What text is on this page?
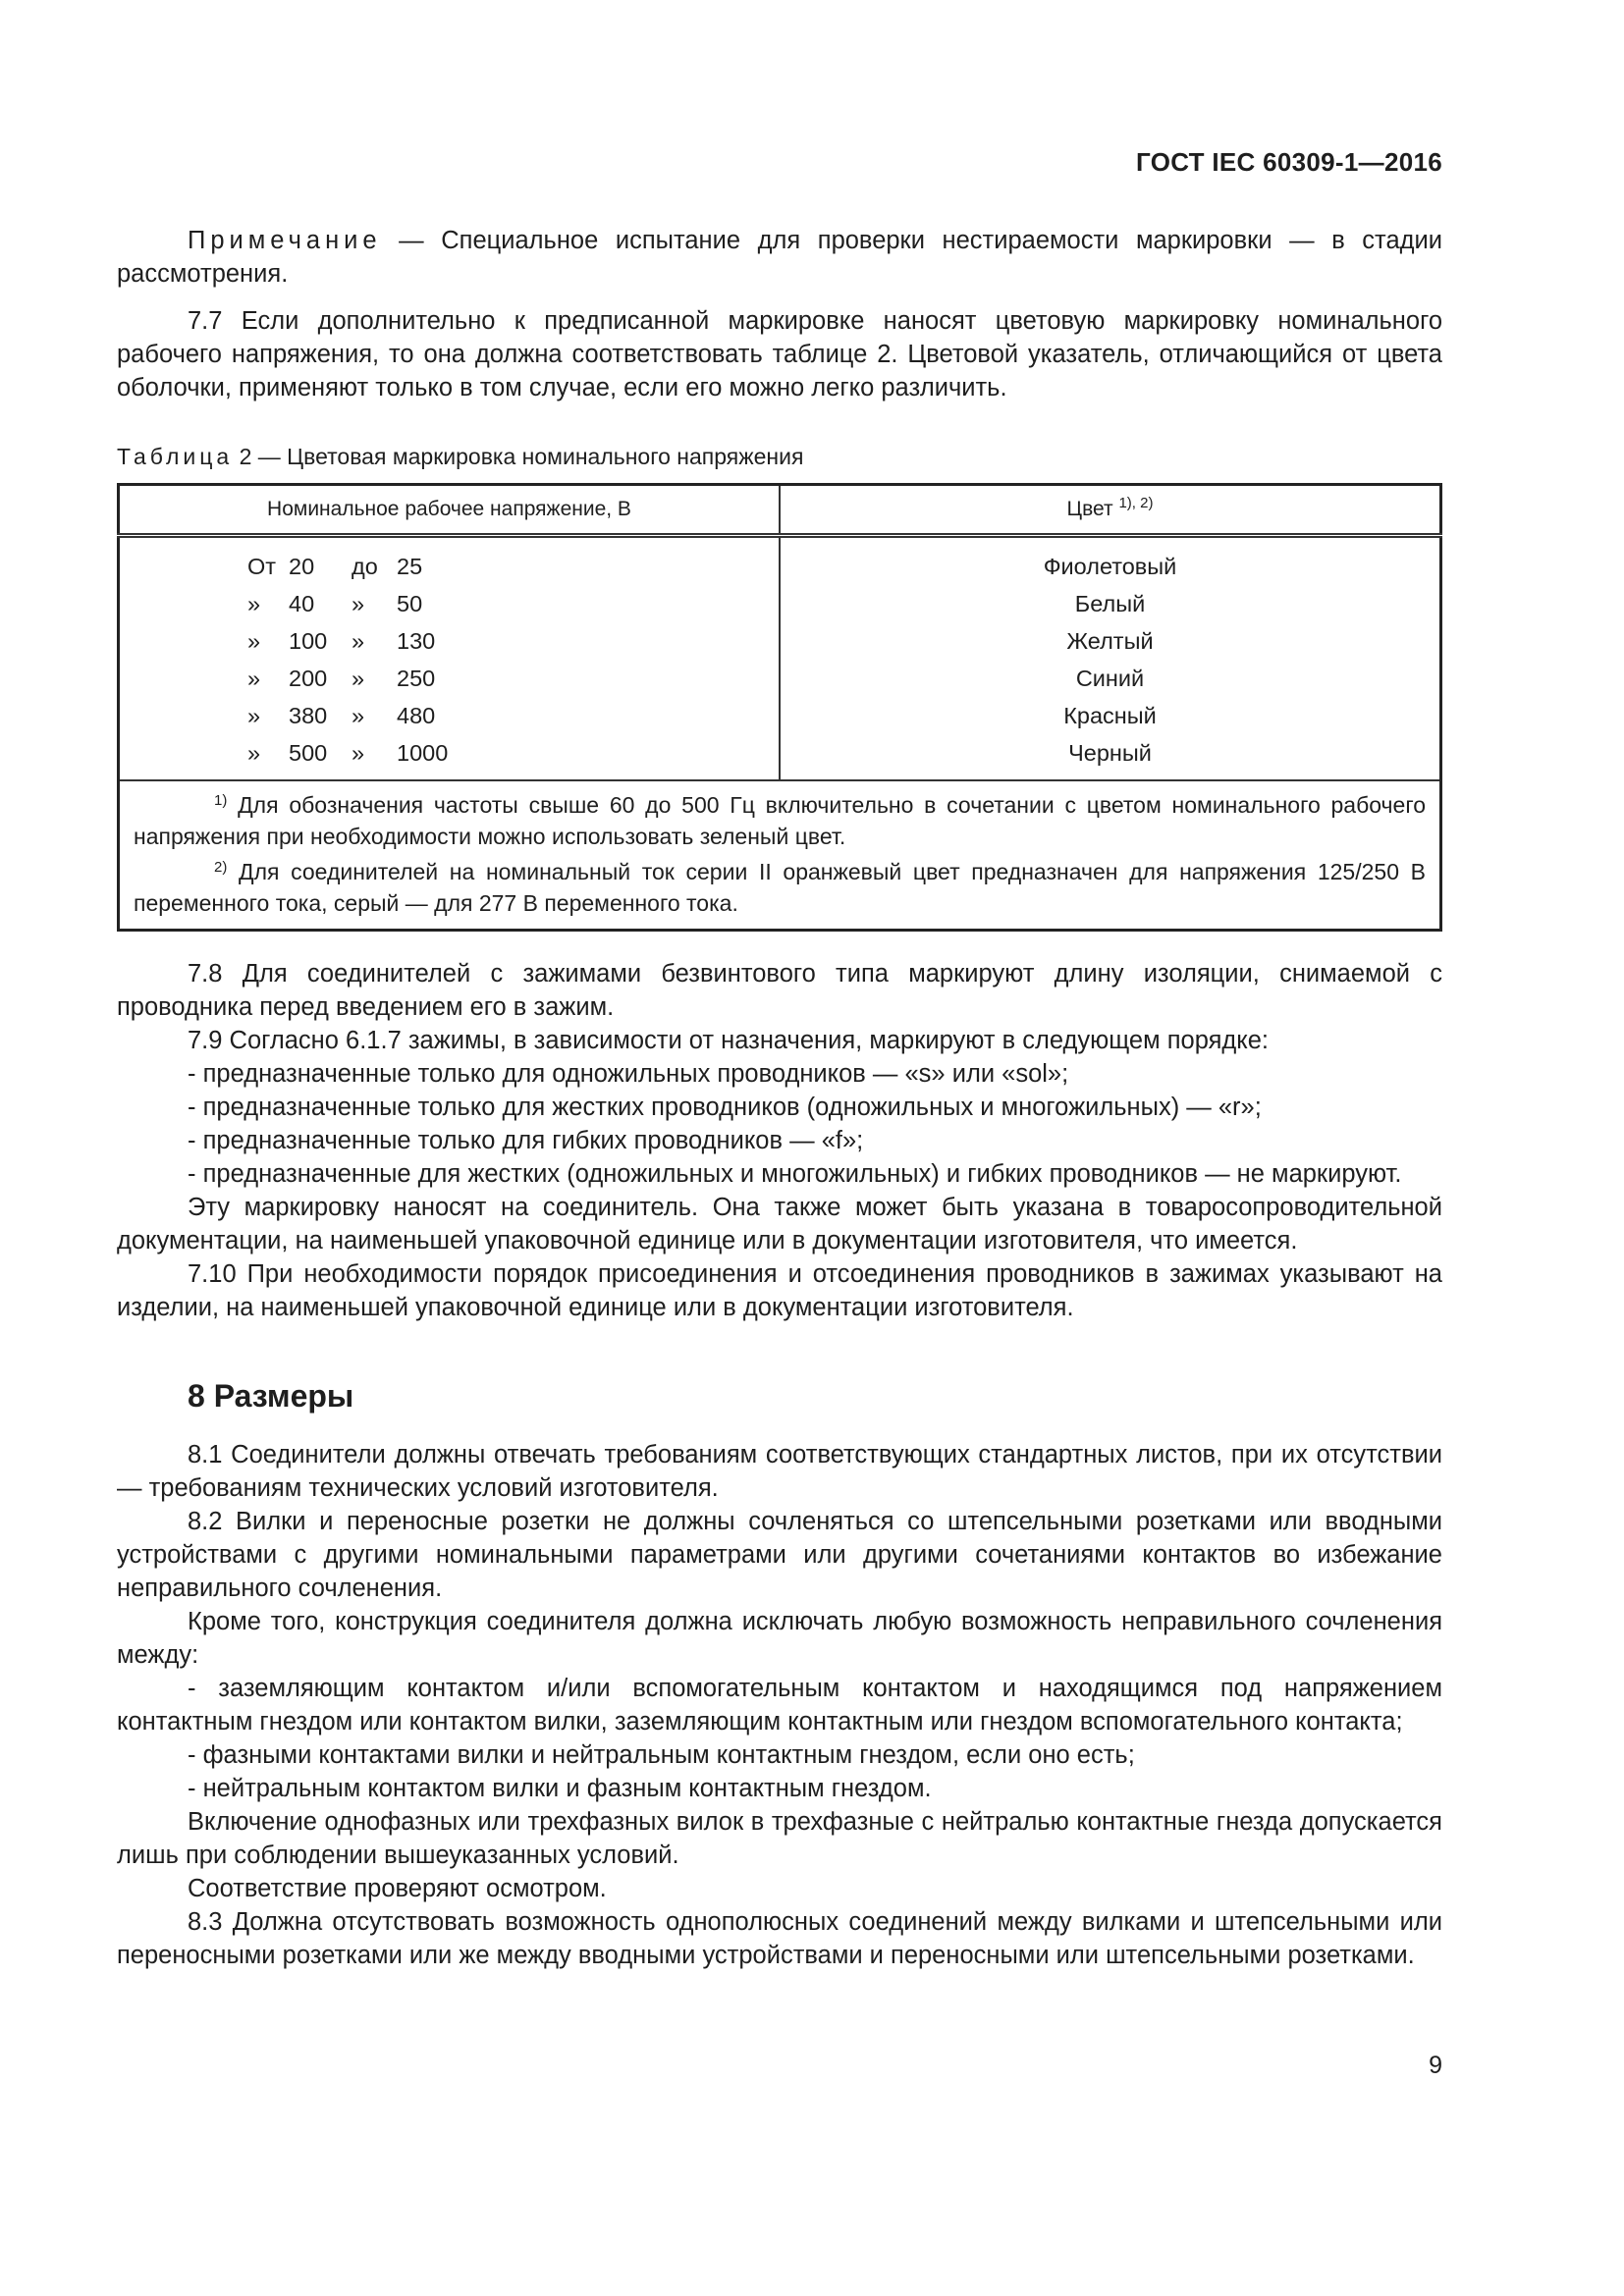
ГОСТ IEC 60309-1—2016

Примечание — Специальное испытание для проверки нестираемости маркировки — в стадии рассмотрения.

7.7 Если дополнительно к предписанной маркировке наносят цветовую маркировку номинального рабочего напряжения, то она должна соответствовать таблице 2. Цветовой указатель, отличающийся от цвета оболочки, применяют только в том случае, если его можно легко различить.

Таблица 2 — Цветовая маркировка номинального напряжения
Номинальное рабочее напряжение, В	Цвет $^{1), 2)}$

От 20 до 25	Фиолетовый

» 40 » 50	Белый

» 100 » 130	Желтый

» 200 » 250	Синий

» 380 » 480	Красный

» 500 » 1000	Черный

$^{1)}$ Для обозначения частоты свыше 60 до 500 Гц включительно в сочетании с цветом номинального рабочего напряжения при необходимости можно использовать зеленый цвет.

$^{2)}$ Для соединителей на номинальный ток серии II оранжевый цвет предназначен для напряжения 125/250 В переменного тока, серый — для 277 В переменного тока.	

7.8 Для соединителей с зажимами безвинтового типа маркируют длину изоляции, снимаемой с проводника перед введением его в зажим.

7.9 Согласно 6.1.7 зажимы, в зависимости от назначения, маркируют в следующем порядке:

- предназначенные только для одножильных проводников — «s» или «sol»;

- предназначенные только для жестких проводников (одножильных и многожильных) — «r»;

- предназначенные только для гибких проводников — «f»;

- предназначенные для жестких (одножильных и многожильных) и гибких проводников — не маркируют.

Эту маркировку наносят на соединитель. Она также может быть указана в товаросопроводительной документации, на наименьшей упаковочной единице или в документации изготовителя, что имеется.

7.10 При необходимости порядок присоединения и отсоединения проводников в зажимах указывают на изделии, на наименьшей упаковочной единице или в документации изготовителя.

8 Размеры

8.1 Соединители должны отвечать требованиям соответствующих стандартных листов, при их отсутствии — требованиям технических условий изготовителя.

8.2 Вилки и переносные розетки не должны сочленяться со штепсельными розетками или вводными устройствами с другими номинальными параметрами или другими сочетаниями контактов во избежание неправильного сочленения.

Кроме того, конструкция соединителя должна исключать любую возможность неправильного сочленения между:

- заземляющим контактом и/или вспомогательным контактом и находящимся под напряжением контактным гнездом или контактом вилки, заземляющим контактным или гнездом вспомогательного контакта;

- фазными контактами вилки и нейтральным контактным гнездом, если оно есть;

- нейтральным контактом вилки и фазным контактным гнездом.

Включение однофазных или трехфазных вилок в трехфазные с нейтралью контактные гнезда допускается лишь при соблюдении вышеуказанных условий.

Соответствие проверяют осмотром.

8.3 Должна отсутствовать возможность однополюсных соединений между вилками и штепсельными или переносными розетками или же между вводными устройствами и переносными или штепсельными розетками.

9
